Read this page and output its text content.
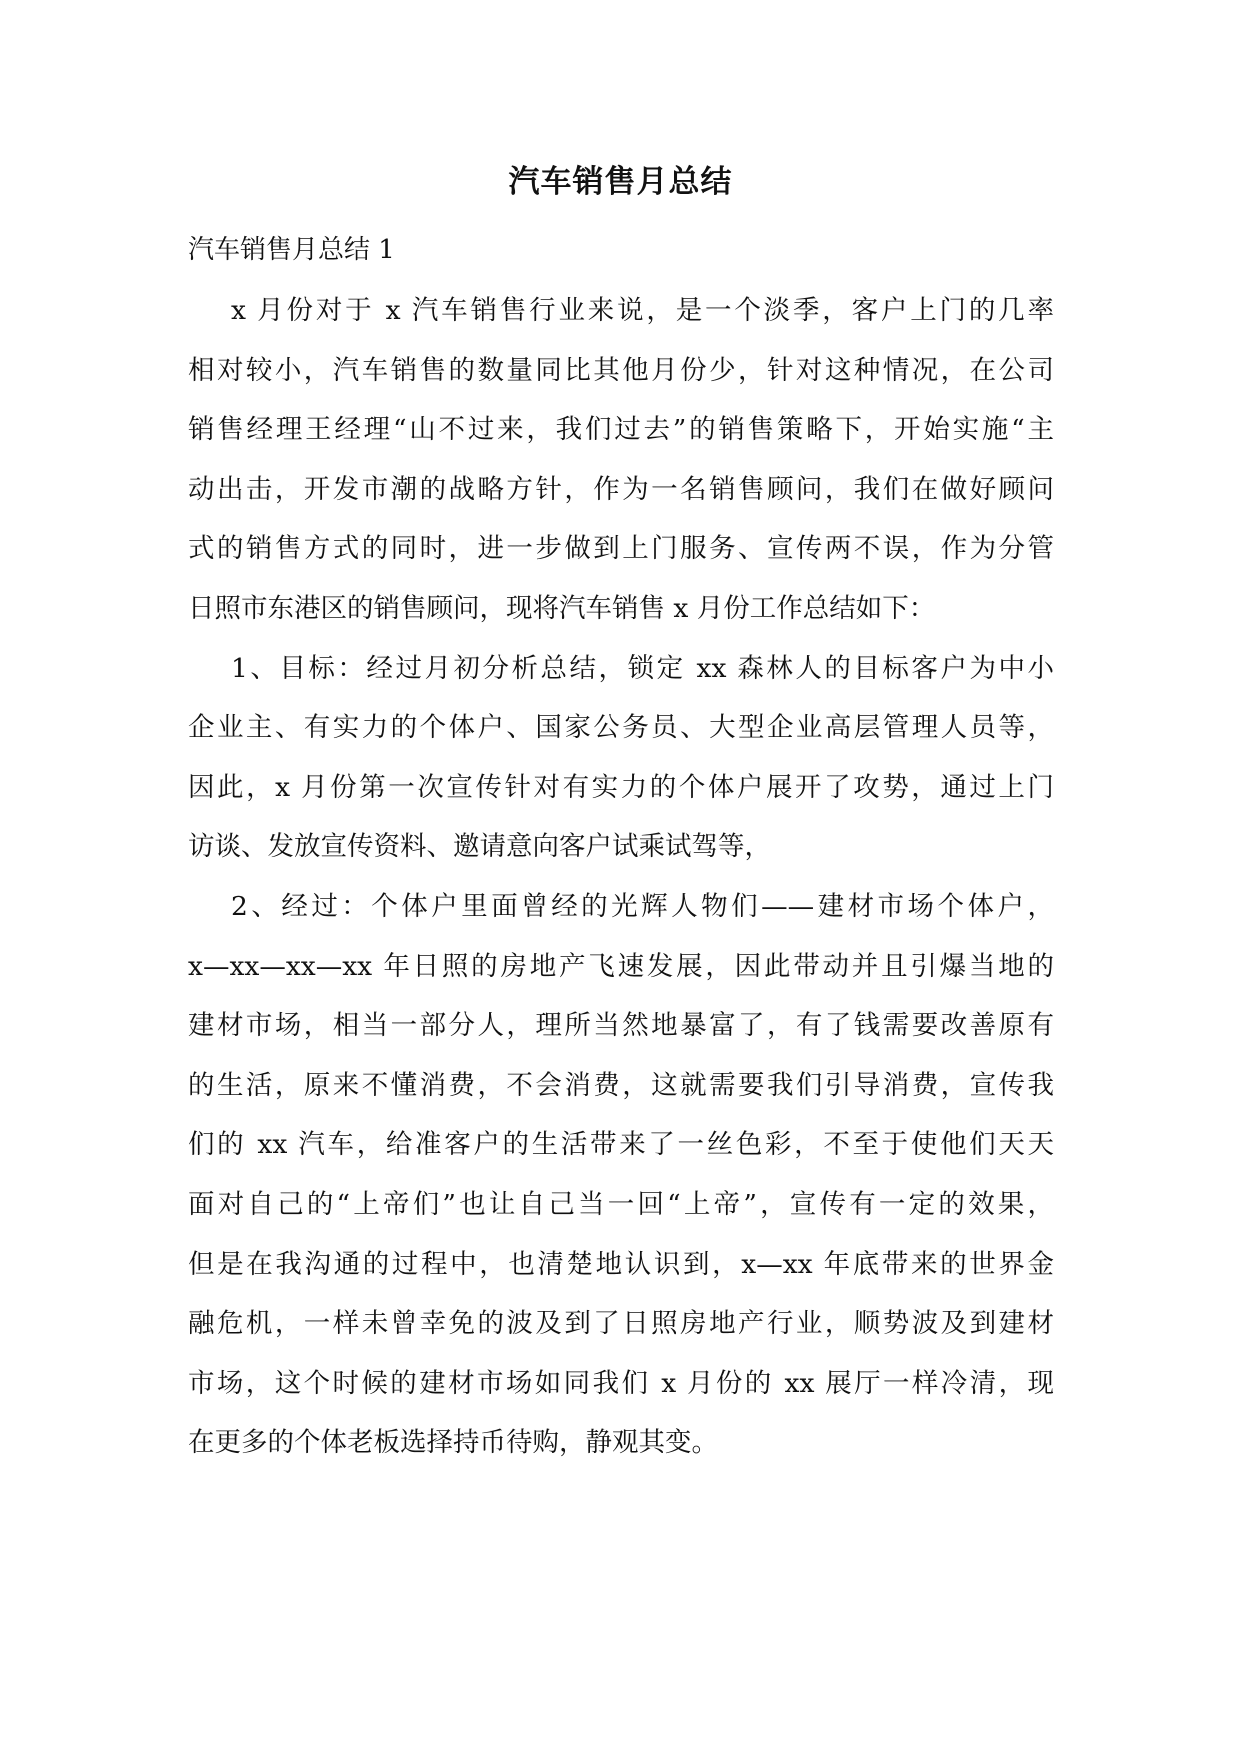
汽车销售月总结
汽车销售月总结 1
x 月份对于 x 汽车销售行业来说，是一个淡季，客户上门的几率
相对较小，汽车销售的数量同比其他月份少，针对这种情况，在公司
销售经理王经理“山不过来，我们过去”的销售策略下，开始实施“主
动出击，开发市潮的战略方针，作为一名销售顾问，我们在做好顾问
式的销售方式的同时，进一步做到上门服务、宣传两不误，作为分管
日照市东港区的销售顾问，现将汽车销售 x 月份工作总结如下：
1、目标：经过月初分析总结，锁定 xx 森林人的目标客户为中小
企业主、有实力的个体户、国家公务员、大型企业高层管理人员等，
因此，x 月份第一次宣传针对有实力的个体户展开了攻势，通过上门
访谈、发放宣传资料、邀请意向客户试乘试驾等，
2、经过：个体户里面曾经的光辉人物们——建材市场个体户，
x—xx—xx—xx 年日照的房地产飞速发展，因此带动并且引爆当地的
建材市场，相当一部分人，理所当然地暴富了，有了钱需要改善原有
的生活，原来不懂消费，不会消费，这就需要我们引导消费，宣传我
们的 xx 汽车，给准客户的生活带来了一丝色彩，不至于使他们天天
面对自己的“上帝们”也让自己当一回“上帝”，宣传有一定的效果，
但是在我沟通的过程中，也清楚地认识到，x—xx 年底带来的世界金
融危机，一样未曾幸免的波及到了日照房地产行业，顺势波及到建材
市场，这个时候的建材市场如同我们 x 月份的 xx 展厅一样冷清，现
在更多的个体老板选择持币待购，静观其变。
